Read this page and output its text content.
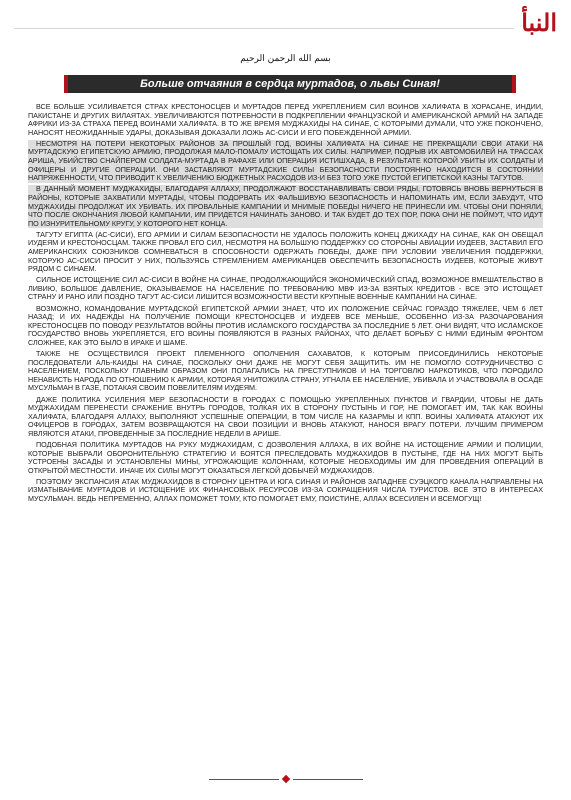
النبأ
بسم الله الرحمن الرحيم
Больше отчаяния в сердца муртадов, о львы Синая!

ВСЕ БОЛЬШЕ УСИЛИВАЕТСЯ СТРАХ КРЕСТОНОСЦЕВ И МУРТАДОВ ПЕРЕД УКРЕПЛЕНИЕМ СИЛ ВОИНОВ ХАЛИФАТА В ХОРАСАНЕ, ИНДИИ, ПАКИСТАНЕ И ДРУГИХ ВИЛАЯТАХ. УВЕЛИЧИВАЮТСЯ ПОТРЕБНОСТИ В ПОДКРЕПЛЕНИИ ФРАНЦУЗСКОЙ И АМЕРИКАНСКОЙ АРМИЙ НА ЗАПАДЕ АФРИКИ ИЗ-ЗА СТРАХА ПЕРЕД ВОИНАМИ ХАЛИФАТА. В ТО ЖЕ ВРЕМЯ МУДЖАХИДЫ НА СИНАЕ, С КОТОРЫМИ ДУМАЛИ, ЧТО УЖЕ ПОКОНЧЕНО, НАНОСЯТ НЕОЖИДАННЫЕ УДАРЫ, ДОКАЗЫВАЯ ДОКАЗАЛИ ЛОЖЬ АС-СИСИ И ЕГО ПОБЕЖДЕННОЙ АРМИИ.

НЕСМОТРЯ НА ПОТЕРИ НЕКОТОРЫХ РАЙОНОВ ЗА ПРОШЛЫЙ ГОД, ВОИНЫ ХАЛИФАТА НА СИНАЕ НЕ ПРЕКРАЩАЛИ СВОИ АТАКИ НА МУРТАДСКУЮ ЕГИПЕТСКУЮ АРМИЮ, ПРОДОЛЖАЯ МАЛО-ПОМАЛУ ИСТОЩАТЬ ИХ СИЛЫ. НАПРИМЕР, ПОДРЫВ ИХ АВТОМОБИЛЕЙ НА ТРАССАХ АРИША, УБИЙСТВО СНАЙПЕРОМ СОЛДАТА-МУРТАДА В РАФАХЕ ИЛИ ОПЕРАЦИЯ ИСТИШХАДА, В РЕЗУЛЬТАТЕ КОТОРОЙ УБИТЫ ИХ СОЛДАТЫ И ОФИЦЕРЫ И ДРУГИЕ ОПЕРАЦИИ. ОНИ ЗАСТАВЛЯЮТ МУРТАДСКИЕ СИЛЫ БЕЗОПАСНОСТИ ПОСТОЯННО НАХОДИТСЯ В СОСТОЯНИИ НАПРЯЖЕННОСТИ, ЧТО ПРИВОДИТ К УВЕЛИЧЕНИЮ БЮДЖЕТНЫХ РАСХОДОВ ИЗ-И БЕЗ ТОГО УЖЕ ПУСТОЙ ЕГИПЕТСКОЙ КАЗНЫ ТАГУТОВ.

В ДАННЫЙ МОМЕНТ МУДЖАХИДЫ, БЛАГОДАРЯ АЛЛАХУ, ПРОДОЛЖАЮТ ВОССТАНАВЛИВАТЬ СВОИ РЯДЫ, ГОТОВЯСЬ ВНОВЬ ВЕРНУТЬСЯ В РАЙОНЫ, КОТОРЫЕ ЗАХВАТИЛИ МУРТАДЫ, ЧТОБЫ ПОДОРВАТЬ ИХ ФАЛЬШИВУЮ БЕЗОПАСНОСТЬ И НАПОМИНАТЬ ИМ, ЕСЛИ ЗАБУДУТ, ЧТО МУДЖАХИДЫ ПРОДОЛЖАТ ИХ УБИВАТЬ. ИХ ПРОВАЛЬНЫЕ КАМПАНИИ И МНИМЫЕ ПОБЕДЫ НИЧЕГО НЕ ПРИНЕСЛИ ИМ. ЧТОБЫ ОНИ ПОНЯЛИ, ЧТО ПОСЛЕ ОКОНЧАНИЯ ЛЮБОЙ КАМПАНИИ, ИМ ПРИДЕТСЯ НАЧИНАТЬ ЗАНОВО. И ТАК БУДЕТ ДО ТЕХ ПОР, ПОКА ОНИ НЕ ПОЙМУТ, ЧТО ИДУТ ПО ИЗНУРИТЕЛЬНОМУ КРУГУ, У КОТОРОГО НЕТ КОНЦА.

ТАГУТУ ЕГИПТА (АС-СИСИ), ЕГО АРМИИ И СИЛАМ БЕЗОПАСНОСТИ НЕ УДАЛОСЬ ПОЛОЖИТЬ КОНЕЦ ДЖИХАДУ НА СИНАЕ, КАК ОН ОБЕЩАЛ ИУДЕЯМ И КРЕСТОНОСЦАМ. ТАКЖЕ ПРОВАЛ ЕГО СИЛ, НЕСМОТРЯ НА БОЛЬШУЮ ПОДДЕРЖКУ СО СТОРОНЫ АВИАЦИИ ИУДЕЕВ, ЗАСТАВИЛ ЕГО АМЕРИКАНСКИХ СОЮЗНИКОВ СОМНЕВАТЬСЯ В СПОСОБНОСТИ ОДЕРЖАТЬ ПОБЕДЫ, ДАЖЕ ПРИ УСЛОВИИ УВЕЛИЧЕНИЯ ПОДДЕРЖКИ, КОТОРУЮ АС-СИСИ ПРОСИТ У НИХ, ПОЛЬЗУЯСЬ СТРЕМЛЕНИЕМ АМЕРИКАНЦЕВ ОБЕСПЕЧИТЬ БЕЗОПАСНОСТЬ ИУДЕЕВ, КОТОРЫЕ ЖИВУТ РЯДОМ С СИНАЕМ.

СИЛЬНОЕ ИСТОЩЕНИЕ СИЛ АС-СИСИ В ВОЙНЕ НА СИНАЕ, ПРОДОЛЖАЮЩИЙСЯ ЭКОНОМИЧЕСКИЙ СПАД, ВОЗМОЖНОЕ ВМЕШАТЕЛЬСТВО В ЛИВИЮ, БОЛЬШОЕ ДАВЛЕНИЕ, ОКАЗЫВАЕМОЕ НА НАСЕЛЕНИЕ ПО ТРЕБОВАНИЮ МВФ ИЗ-ЗА ВЗЯТЫХ КРЕДИТОВ - ВСЕ ЭТО ИСТОЩАЕТ СТРАНУ И РАНО ИЛИ ПОЗДНО ТАГУТ АС-СИСИ ЛИШИТСЯ ВОЗМОЖНОСТИ ВЕСТИ КРУПНЫЕ ВОЕННЫЕ КАМПАНИИ НА СИНАЕ.

ВОЗМОЖНО, КОМАНДОВАНИЕ МУРТАДСКОЙ ЕГИПЕТСКОЙ АРМИИ ЗНАЕТ, ЧТО ИХ ПОЛОЖЕНИЕ СЕЙЧАС ГОРАЗДО ТЯЖЕЛЕЕ, ЧЕМ 6 ЛЕТ НАЗАД; И ИХ НАДЕЖДЫ НА ПОЛУЧЕНИЕ ПОМОЩИ КРЕСТОНОСЦЕВ И ИУДЕЕВ ВСЕ МЕНЬШЕ, ОСОБЕННО ИЗ-ЗА РАЗОЧАРОВАНИЯ КРЕСТОНОСЦЕВ ПО ПОВОДУ РЕЗУЛЬТАТОВ ВОЙНЫ ПРОТИВ ИСЛАМСКОГО ГОСУДАРСТВА ЗА ПОСЛЕДНИЕ 5 ЛЕТ. ОНИ ВИДЯТ, ЧТО ИСЛАМСКОЕ ГОСУДАРСТВО ВНОВЬ УКРЕПЛЯЕТСЯ, ЕГО ВОИНЫ ПОЯВЛЯЮТСЯ В РАЗНЫХ РАЙОНАХ, ЧТО ДЕЛАЕТ БОРЬБУ С НИМИ ЕДИНЫМ ФРОНТОМ СЛОЖНЕЕ, КАК ЭТО БЫЛО В ИРАКЕ И ШАМЕ.

ТАКЖЕ НЕ ОСУЩЕСТВИЛСЯ ПРОЕКТ ПЛЕМЕННОГО ОПОЛЧЕНИЯ САХАВАТОВ, К КОТОРЫМ ПРИСОЕДИНИЛИСЬ НЕКОТОРЫЕ ПОСЛЕДОВАТЕЛИ АЛЬ-КАИДЫ НА СИНАЕ, ПОСКОЛЬКУ ОНИ ДАЖЕ НЕ МОГУТ СЕБЯ ЗАЩИТИТЬ. ИМ НЕ ПОМОГЛО СОТРУДНИЧЕСТВО С НАСЕЛЕНИЕМ, ПОСКОЛЬКУ ГЛАВНЫМ ОБРАЗОМ ОНИ ПОЛАГАЛИСЬ НА ПРЕСТУПНИКОВ И НА ТОРГОВЛЮ НАРКОТИКОВ, ЧТО ПОРОДИЛО НЕНАВИСТЬ НАРОДА ПО ОТНОШЕНИЮ К АРМИИ, КОТОРАЯ УНИТОЖИЛА СТРАНУ, УГНАЛА ЕЕ НАСЕЛЕНИЕ, УБИВАЛА И УЧАСТВОВАЛА В ОСАДЕ МУСУЛЬМАН В ГАЗЕ, ПОТАКАЯ СВОИМ ПОВЕЛИТЕЛЯМ ИУДЕЯМ.

ДАЖЕ ПОЛИТИКА УСИЛЕНИЯ МЕР БЕЗОПАСНОСТИ В ГОРОДАХ С ПОМОЩЬЮ УКРЕПЛЕННЫХ ПУНКТОВ И ГВАРДИИ, ЧТОБЫ НЕ ДАТЬ МУДЖАХИДАМ ПЕРЕНЕСТИ СРАЖЕНИЕ ВНУТРЬ ГОРОДОВ, ТОЛКАЯ ИХ В СТОРОНУ ПУСТЫНЬ И ГОР, НЕ ПОМОГАЕТ ИМ, ТАК КАК ВОИНЫ ХАЛИФАТА, БЛАГОДАРЯ АЛЛАХУ, ВЫПОЛНЯЮТ УСПЕШНЫЕ ОПЕРАЦИИ, В ТОМ ЧИСЛЕ НА КАЗАРМЫ И КПП. ВОИНЫ ХАЛИФАТА АТАКУЮТ ИХ ОФИЦЕРОВ В ГОРОДАХ, ЗАТЕМ ВОЗВРАЩАЮТСЯ НА СВОИ ПОЗИЦИИ И ВНОВЬ АТАКУЮТ, НАНОСЯ ВРАГУ ПОТЕРИ. ЛУЧШИМ ПРИМЕРОМ ЯВЛЯЮТСЯ АТАКИ, ПРОВЕДЕННЫЕ ЗА ПОСЛЕДНИЕ НЕДЕЛИ В АРИШЕ.

ПОДОБНАЯ ПОЛИТИКА МУРТАДОВ НА РУКУ МУДЖАХИДАМ, С ДОЗВОЛЕНИЯ АЛЛАХА, В ИХ ВОЙНЕ НА ИСТОЩЕНИЕ АРМИИ И ПОЛИЦИИ, КОТОРЫЕ ВЫБРАЛИ ОБОРОНИТЕЛЬНУЮ СТРАТЕГИЮ И БОЯТСЯ ПРЕСЛЕДОВАТЬ МУДЖАХИДОВ В ПУСТЫНЕ, ГДЕ НА НИХ МОГУТ БЫТЬ УСТРОЕНЫ ЗАСАДЫ И УСТАНОВЛЕНЫ МИНЫ, УГРОЖАЮЩИЕ КОЛОННАМ, КОТОРЫЕ НЕОБХОДИМЫ ИМ ДЛЯ ПРОВЕДЕНИЯ ОПЕРАЦИЙ В ОТКРЫТОЙ МЕСТНОСТИ. ИНАЧЕ ИХ СИЛЫ МОГУТ ОКАЗАТЬСЯ ЛЕГКОЙ ДОБЫЧЕЙ МУДЖАХИДОВ.

ПОЭТОМУ ЭКСПАНСИЯ АТАК МУДЖАХИДОВ В СТОРОНУ ЦЕНТРА И ЮГА СИНАЯ И РАЙОНОВ ЗАПАДНЕЕ СУЭЦКОГО КАНАЛА НАПРАВЛЕНЫ НА ИЗМАТЫВАНИЕ МУРТАДОВ И ИСТОЩЕНИЕ ИХ ФИНАНСОВЫХ РЕСУРСОВ ИЗ-ЗА СОКРАЩЕНИЯ ЧИСЛА ТУРИСТОВ. ВСЕ ЭТО В ИНТЕРЕСАХ МУСУЛЬМАН. ВЕДЬ НЕПРЕМЕННО, АЛЛАХ ПОМОЖЕТ ТОМУ, КТО ПОМОГАЕТ ЕМУ, ПОИСТИНЕ, АЛЛАХ ВСЕСИЛЕН И ВСЕМОГУЩ!
